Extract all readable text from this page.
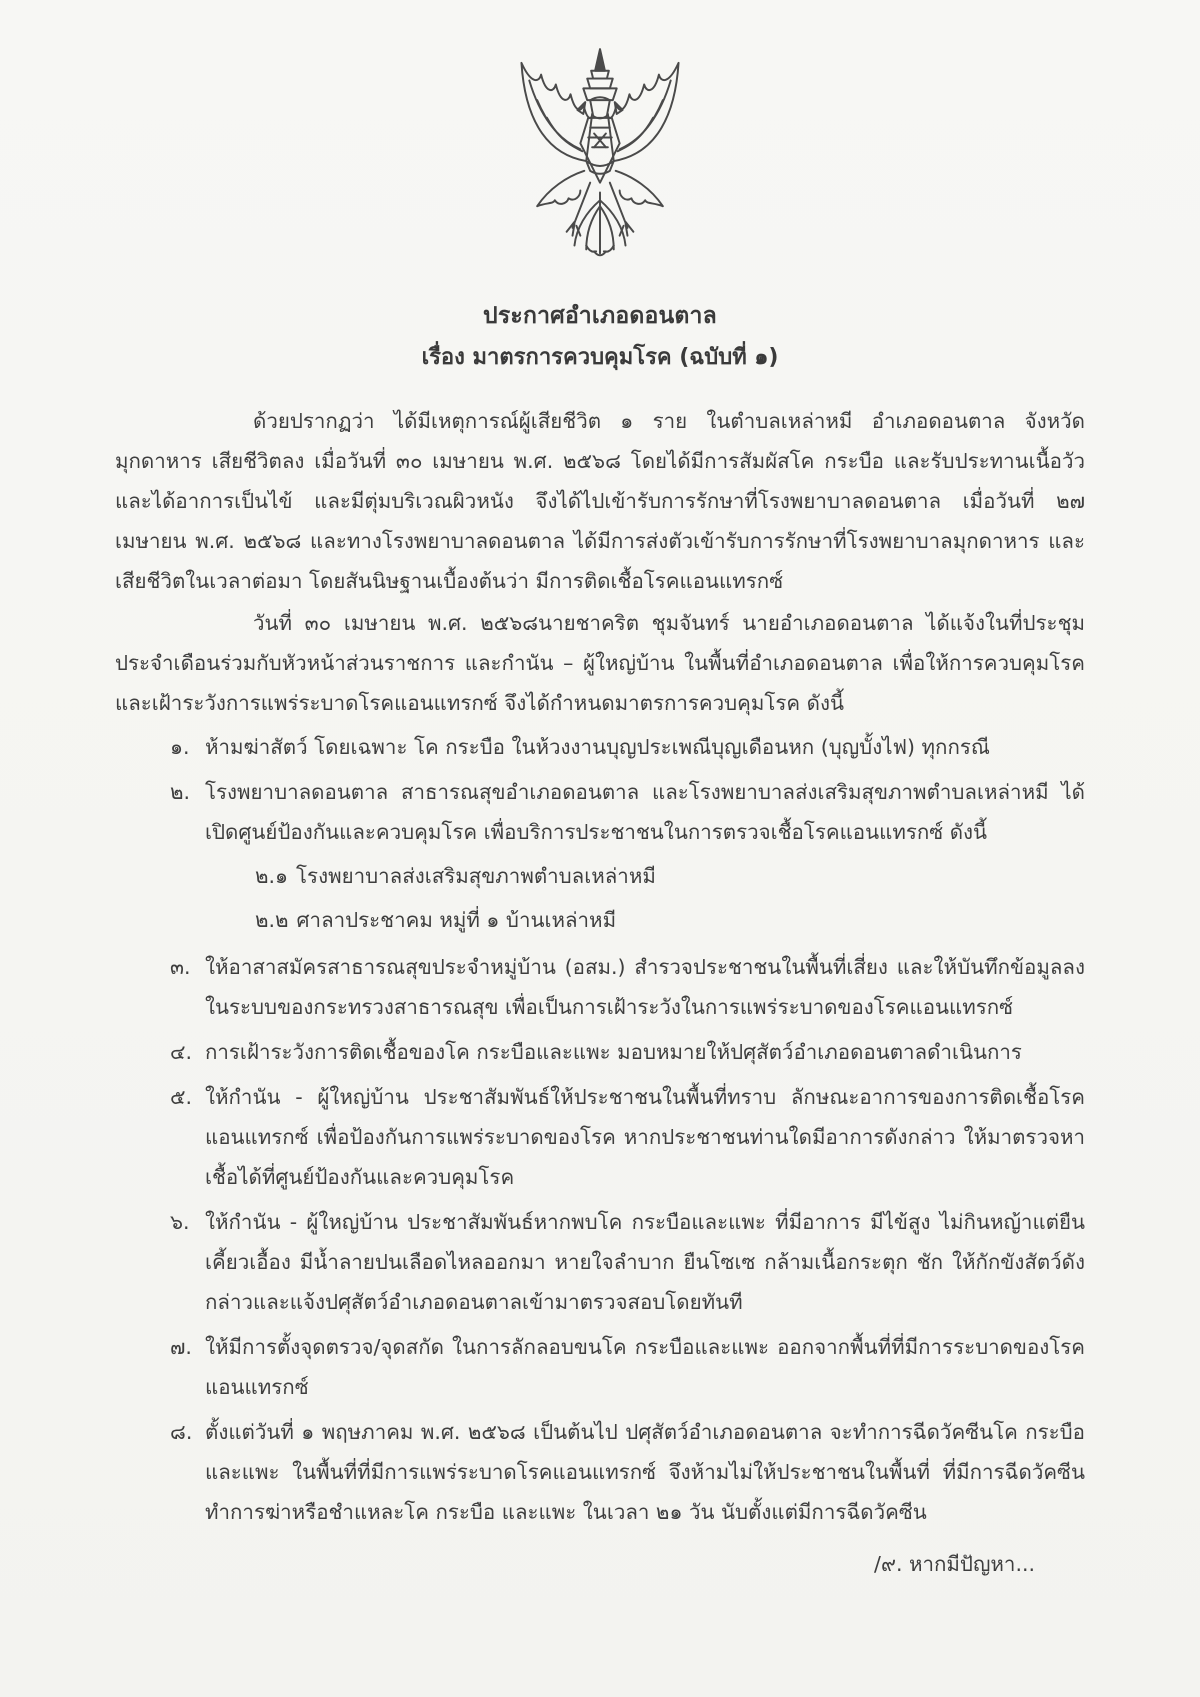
ประกาศอำเภอดอนตาล
เรื่อง มาตรการควบคุมโรค (ฉบับที่ ๑)

ด้วยปรากฏว่า ได้มีเหตุการณ์ผู้เสียชีวิต ๑ ราย ในตำบลเหล่าหมี อำเภอดอนตาล จังหวัดมุกดาหาร เสียชีวิตลง เมื่อวันที่ ๓๐ เมษายน พ.ศ. ๒๕๖๘ โดยได้มีการสัมผัสโค กระบือ และรับประทานเนื้อวัว และได้อาการเป็นไข้ และมีตุ่มบริเวณผิวหนัง จึงได้ไปเข้ารับการรักษาที่โรงพยาบาลดอนตาล เมื่อวันที่ ๒๗ เมษายน พ.ศ. ๒๕๖๘ และทางโรงพยาบาลดอนตาล ได้มีการส่งตัวเข้ารับการรักษาที่โรงพยาบาลมุกดาหาร และเสียชีวิตในเวลาต่อมา โดยสันนิษฐานเบื้องต้นว่า มีการติดเชื้อโรคแอนแทรกซ์

วันที่ ๓๐ เมษายน พ.ศ. ๒๕๖๘นายชาคริต ชุมจันทร์ นายอำเภอดอนตาล ได้แจ้งในที่ประชุมประจำเดือนร่วมกับหัวหน้าส่วนราชการ และกำนัน – ผู้ใหญ่บ้าน ในพื้นที่อำเภอดอนตาล เพื่อให้การควบคุมโรคและเฝ้าระวังการแพร่ระบาดโรคแอนแทรกซ์ จึงได้กำหนดมาตรการควบคุมโรค ดังนี้

๑. ห้ามฆ่าสัตว์ โดยเฉพาะ โค กระบือ ในห้วงงานบุญประเพณีบุญเดือนหก (บุญบั้งไฟ) ทุกกรณี
๒. โรงพยาบาลดอนตาล สาธารณสุขอำเภอดอนตาล และโรงพยาบาลส่งเสริมสุขภาพตำบลเหล่าหมี ได้เปิดศูนย์ป้องกันและควบคุมโรค เพื่อบริการประชาชนในการตรวจเชื้อโรคแอนแทรกซ์ ดังนี้
๒.๑ โรงพยาบาลส่งเสริมสุขภาพตำบลเหล่าหมี
๒.๒ ศาลาประชาคม หมู่ที่ ๑ บ้านเหล่าหมี
๓. ให้อาสาสมัครสาธารณสุขประจำหมู่บ้าน (อสม.) สำรวจประชาชนในพื้นที่เสี่ยง และให้บันทึกข้อมูลลงในระบบของกระทรวงสาธารณสุข เพื่อเป็นการเฝ้าระวังในการแพร่ระบาดของโรคแอนแทรกซ์
๔. การเฝ้าระวังการติดเชื้อของโค กระบือและแพะ มอบหมายให้ปศุสัตว์อำเภอดอนตาลดำเนินการ
๕. ให้กำนัน - ผู้ใหญ่บ้าน ประชาสัมพันธ์ให้ประชาชนในพื้นที่ทราบ ลักษณะอาการของการติดเชื้อโรคแอนแทรกซ์ เพื่อป้องกันการแพร่ระบาดของโรค หากประชาชนท่านใดมีอาการดังกล่าว ให้มาตรวจหาเชื้อได้ที่ศูนย์ป้องกันและควบคุมโรค
๖. ให้กำนัน - ผู้ใหญ่บ้าน ประชาสัมพันธ์หากพบโค กระบือและแพะ ที่มีอาการ มีไข้สูง ไม่กินหญ้าแต่ยืนเคี้ยวเอื้อง มีน้ำลายปนเลือดไหลออกมา หายใจลำบาก ยืนโซเซ กล้ามเนื้อกระตุก ชัก ให้กักขังสัตว์ดังกล่าวและแจ้งปศุสัตว์อำเภอดอนตาลเข้ามาตรวจสอบโดยทันที
๗. ให้มีการตั้งจุดตรวจ/จุดสกัด ในการลักลอบขนโค กระบือและแพะ ออกจากพื้นที่ที่มีการระบาดของโรคแอนแทรกซ์
๘. ตั้งแต่วันที่ ๑ พฤษภาคม พ.ศ. ๒๕๖๘ เป็นต้นไป ปศุสัตว์อำเภอดอนตาล จะทำการฉีดวัคซีนโค กระบือ และแพะ ในพื้นที่ที่มีการแพร่ระบาดโรคแอนแทรกซ์ จึงห้ามไม่ให้ประชาชนในพื้นที่ ที่มีการฉีดวัคซีนทำการฆ่าหรือชำแหละโค กระบือ และแพะ ในเวลา ๒๑ วัน นับตั้งแต่มีการฉีดวัคซีน
/๙. หากมีปัญหา...
